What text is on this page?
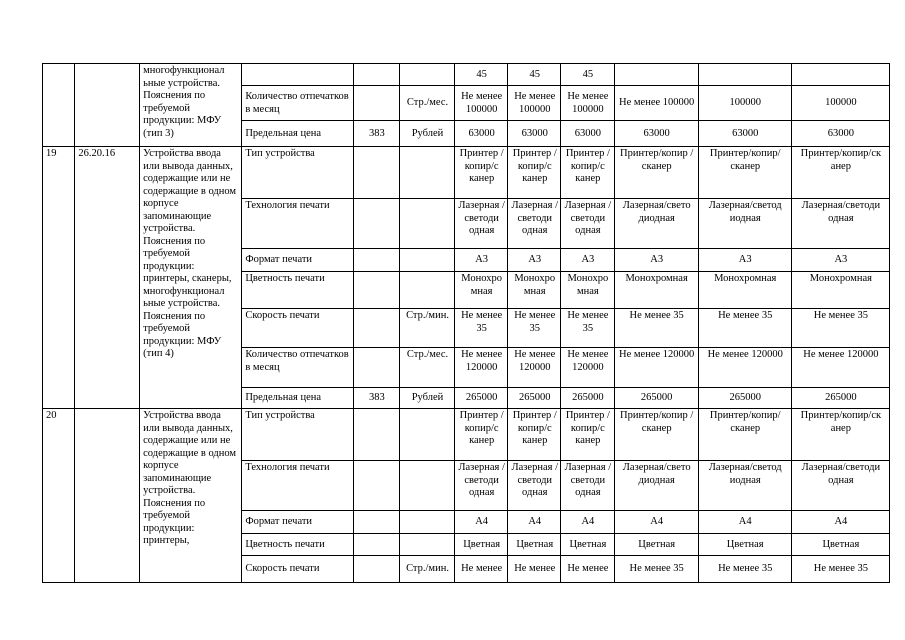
		многофункционал ьные устройства. Пояснения по требуемой продукции: МФУ (тип 3)				45	45	45			
			Количество отпечатков в месяц		Стр./мес.	Не менее 100000	Не менее 100000	Не менее 100000	Не менее 100000	100000	100000
			Предельная цена	383	Рублей	63000	63000	63000	63000	63000	63000
19	26.20.16	Устройства ввода или вывода данных, содержащие или не содержащие в одном корпусе запоминающие устройства. Пояснения по требуемой продукции: принтеры, сканеры, многофункционал ьные устройства. Пояснения по требуемой продукции: МФУ (тип 4)	Тип устройства			Принтер /копир/с канер	Принтер /копир/с канер	Принтер /копир/с канер	Принтер/копир /сканер	Принтер/копир/ сканер	Принтер/копир/ск анер
			Технология печати			Лазерная /светоди одная	Лазерная /светоди одная	Лазерная /светоди одная	Лазерная/свето диодная	Лазерная/светод иодная	Лазерная/светоди одная
			Формат печати			А3	А3	А3	А3	А3	А3
			Цветность печати			Монохро мная	Монохро мная	Монохро мная	Монохромная	Монохромная	Монохромная
			Скорость печати		Стр./мин.	Не менее 35	Не менее 35	Не менее 35	Не менее 35	Не менее 35	Не менее 35
			Количество отпечатков в месяц		Стр./мес.	Не менее 120000	Не менее 120000	Не менее 120000	Не менее 120000	Не менее 120000	Не менее 120000
			Предельная цена	383	Рублей	265000	265000	265000	265000	265000	265000
20		Устройства ввода или вывода данных, содержащие или не содержащие в одном корпусе запоминающие устройства. Пояснения по требуемой продукции: принтеры,	Тип устройства			Принтер /копир/с канер	Принтер /копир/с канер	Принтер /копир/с канер	Принтер/копир /сканер	Принтер/копир/ сканер	Принтер/копир/ск анер
			Технология печати			Лазерная /светоди одная	Лазерная /светоди одная	Лазерная /светоди одная	Лазерная/свето диодная	Лазерная/светод иодная	Лазерная/светоди одная
			Формат печати			А4	А4	А4	А4	А4	А4
			Цветность печати			Цветная	Цветная	Цветная	Цветная	Цветная	Цветная
			Скорость печати		Стр./мин.	Не менее	Не менее	Не менее	Не менее 35	Не менее 35	Не менее 35
